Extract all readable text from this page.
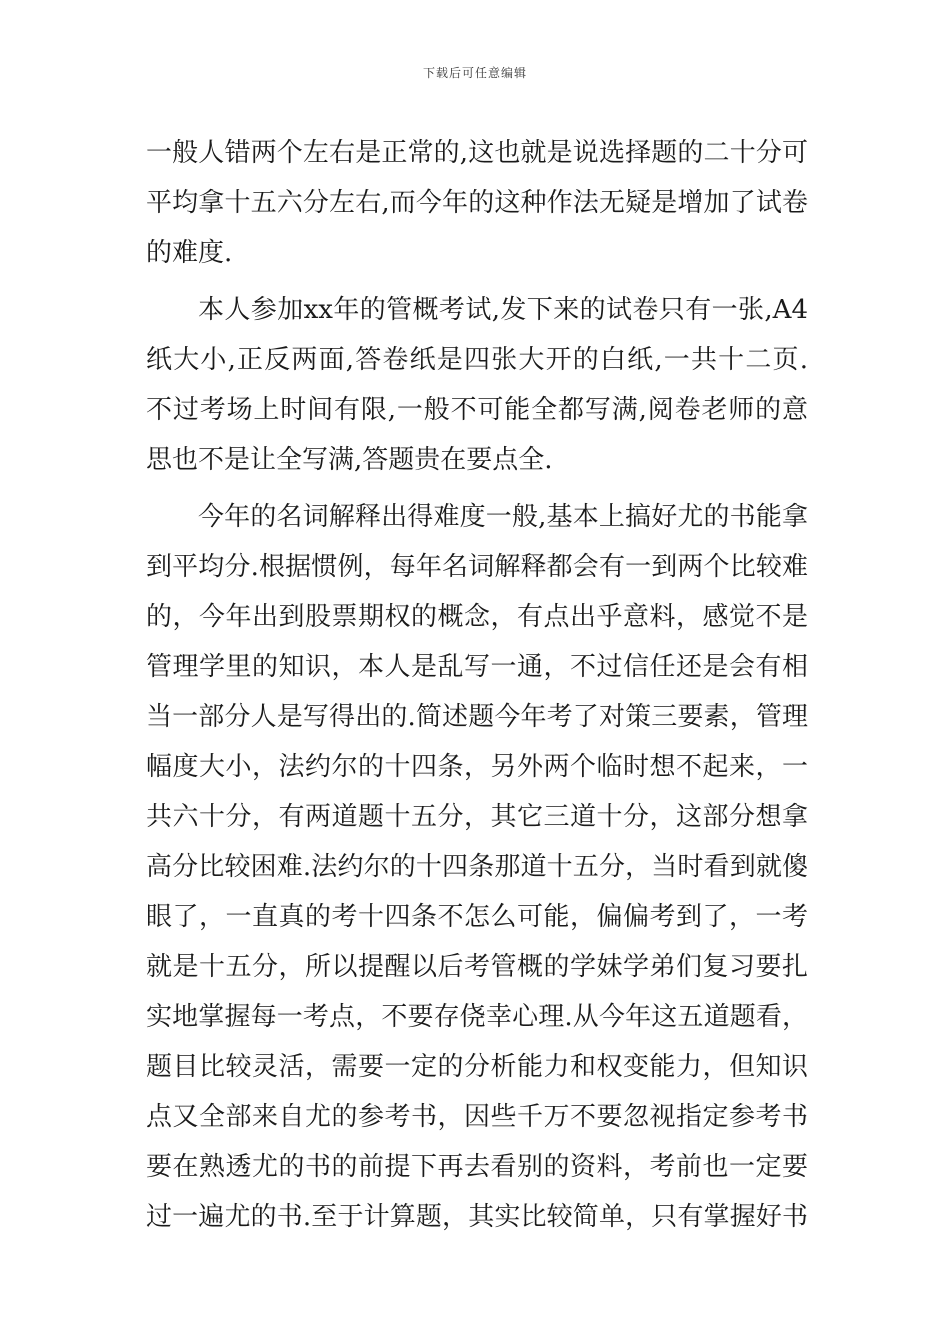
下载后可任意编辑
一般人错两个左右是正常的,这也就是说选择题的二十分可
平均拿十五六分左右,而今年的这种作法无疑是增加了试卷
的难度.
本人参加xx年的管概考试,发下来的试卷只有一张,A4
纸大小,正反两面,答卷纸是四张大开的白纸,一共十二页.
不过考场上时间有限,一般不可能全都写满,阅卷老师的意
思也不是让全写满,答题贵在要点全.
今年的名词解释出得难度一般,基本上搞好尤的书能拿
到平均分.根据惯例，每年名词解释都会有一到两个比较难
的，今年出到股票期权的概念，有点出乎意料，感觉不是
管理学里的知识，本人是乱写一通，不过信任还是会有相
当一部分人是写得出的.简述题今年考了对策三要素，管理
幅度大小，法约尔的十四条，另外两个临时想不起来，一
共六十分，有两道题十五分，其它三道十分，这部分想拿
高分比较困难.法约尔的十四条那道十五分，当时看到就傻
眼了，一直真的考十四条不怎么可能，偏偏考到了，一考
就是十五分，所以提醒以后考管概的学妹学弟们复习要扎
实地掌握每一考点，不要存侥幸心理.从今年这五道题看，
题目比较灵活，需要一定的分析能力和权变能力，但知识
点又全部来自尤的参考书，因些千万不要忽视指定参考书
要在熟透尤的书的前提下再去看别的资料，考前也一定要
过一遍尤的书.至于计算题，其实比较简单，只有掌握好书
